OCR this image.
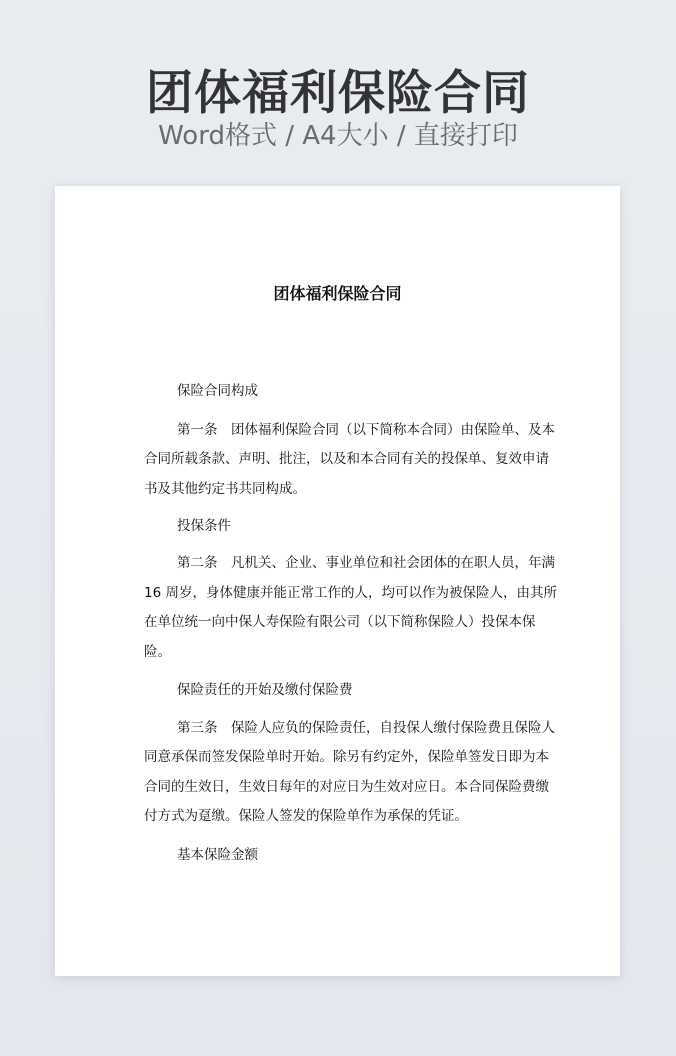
团体福利保险合同
Word格式 / A4大小 / 直接打印
团体福利保险合同
保险合同构成
第一条　团体福利保险合同（以下简称本合同）由保险单、及本
合同所载条款、声明、批注，以及和本合同有关的投保单、复效申请
书及其他约定书共同构成。
投保条件
第二条　凡机关、企业、事业单位和社会团体的在职人员，年满
16 周岁，身体健康并能正常工作的人，均可以作为被保险人，由其所
在单位统一向中保人寿保险有限公司（以下简称保险人）投保本保
险。
保险责任的开始及缴付保险费
第三条　保险人应负的保险责任，自投保人缴付保险费且保险人
同意承保而签发保险单时开始。除另有约定外，保险单签发日即为本
合同的生效日，生效日每年的对应日为生效对应日。本合同保险费缴
付方式为趸缴。保险人签发的保险单作为承保的凭证。
基本保险金额
